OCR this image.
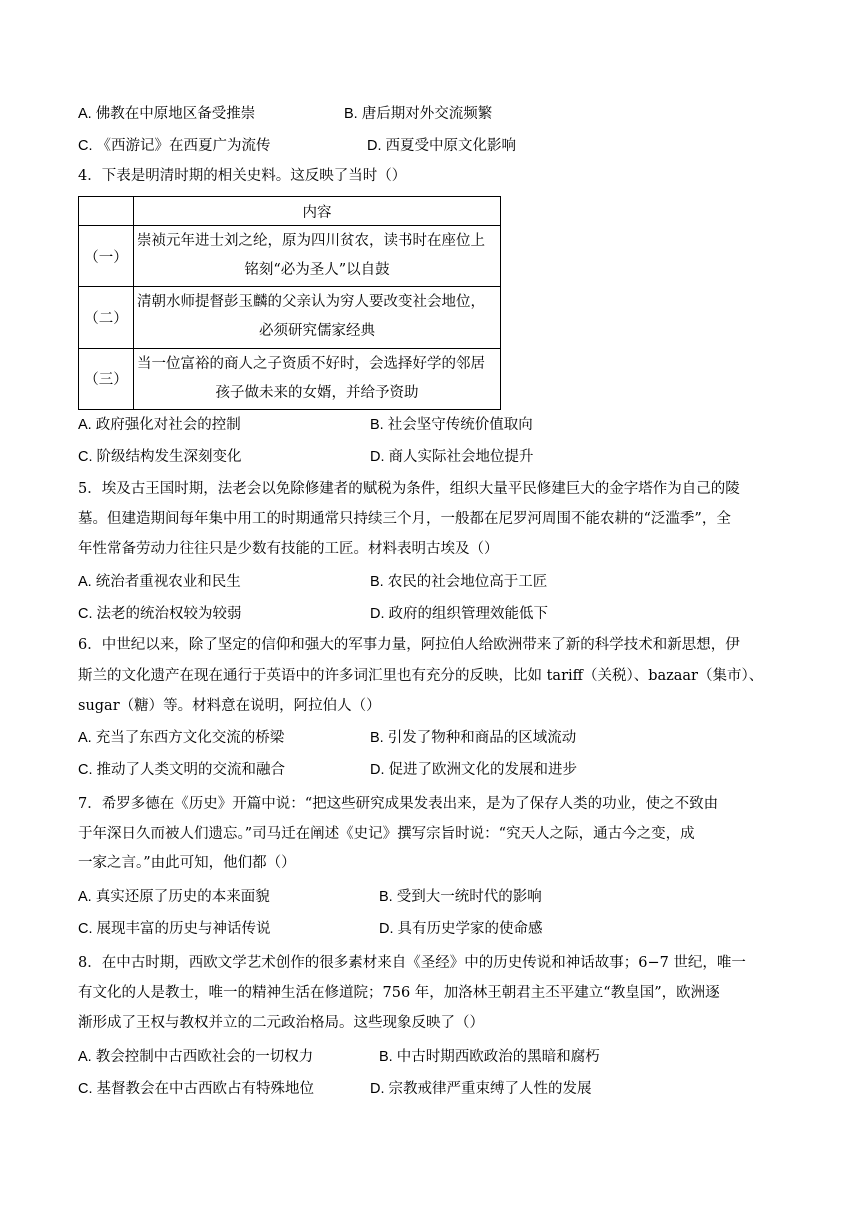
A. 佛教在中原地区备受推崇	B. 唐后期对外交流频繁
C. 《西游记》在西夏广为流传	D. 西夏受中原文化影响
4．下表是明清时期的相关史料。这反映了当时（）
	内容
（一）	崇祯元年进士刘之纶，原为四川贫农，读书时在座位上
铭刻“必为圣人”以自鼓

（二）	清朝水师提督彭玉麟的父亲认为穷人要改变社会地位，
必须研究儒家经典

（三）	当一位富裕的商人之子资质不好时，会选择好学的邻居
孩子做未来的女婿，并给予资助
A. 政府强化对社会的控制	B. 社会坚守传统价值取向
C. 阶级结构发生深刻变化	D. 商人实际社会地位提升
5．埃及古王国时期，法老会以免除修建者的赋税为条件，组织大量平民修建巨大的金字塔作为自己的陵
墓。但建造期间每年集中用工的时期通常只持续三个月，一般都在尼罗河周围不能农耕的“泛滥季”，全
年性常备劳动力往往只是少数有技能的工匠。材料表明古埃及（）
A. 统治者重视农业和民生	B. 农民的社会地位高于工匠
C. 法老的统治权较为较弱	D. 政府的组织管理效能低下
6．中世纪以来，除了坚定的信仰和强大的军事力量，阿拉伯人给欧洲带来了新的科学技术和新思想，伊
斯兰的文化遗产在现在通行于英语中的许多词汇里也有充分的反映，比如 tariff（关税）、bazaar（集市）、
sugar（糖）等。材料意在说明，阿拉伯人（）
A. 充当了东西方文化交流的桥梁	B. 引发了物种和商品的区域流动
C. 推动了人类文明的交流和融合	D. 促进了欧洲文化的发展和进步
7．希罗多德在《历史》开篇中说：“把这些研究成果发表出来，是为了保存人类的功业，使之不致由
于年深日久而被人们遗忘。”司马迁在阐述《史记》撰写宗旨时说：“究天人之际，通古今之变，成
一家之言。”由此可知，他们都（）
A. 真实还原了历史的本来面貌	B. 受到大一统时代的影响
C. 展现丰富的历史与神话传说	D. 具有历史学家的使命感
8．在中古时期，西欧文学艺术创作的很多素材来自《圣经》中的历史传说和神话故事；6−7 世纪，唯一
有文化的人是教士，唯一的精神生活在修道院；756 年，加洛林王朝君主丕平建立“教皇国”，欧洲逐
渐形成了王权与教权并立的二元政治格局。这些现象反映了（）
A. 教会控制中古西欧社会的一切权力	B. 中古时期西欧政治的黑暗和腐朽
C. 基督教会在中古西欧占有特殊地位	D. 宗教戒律严重束缚了人性的发展
